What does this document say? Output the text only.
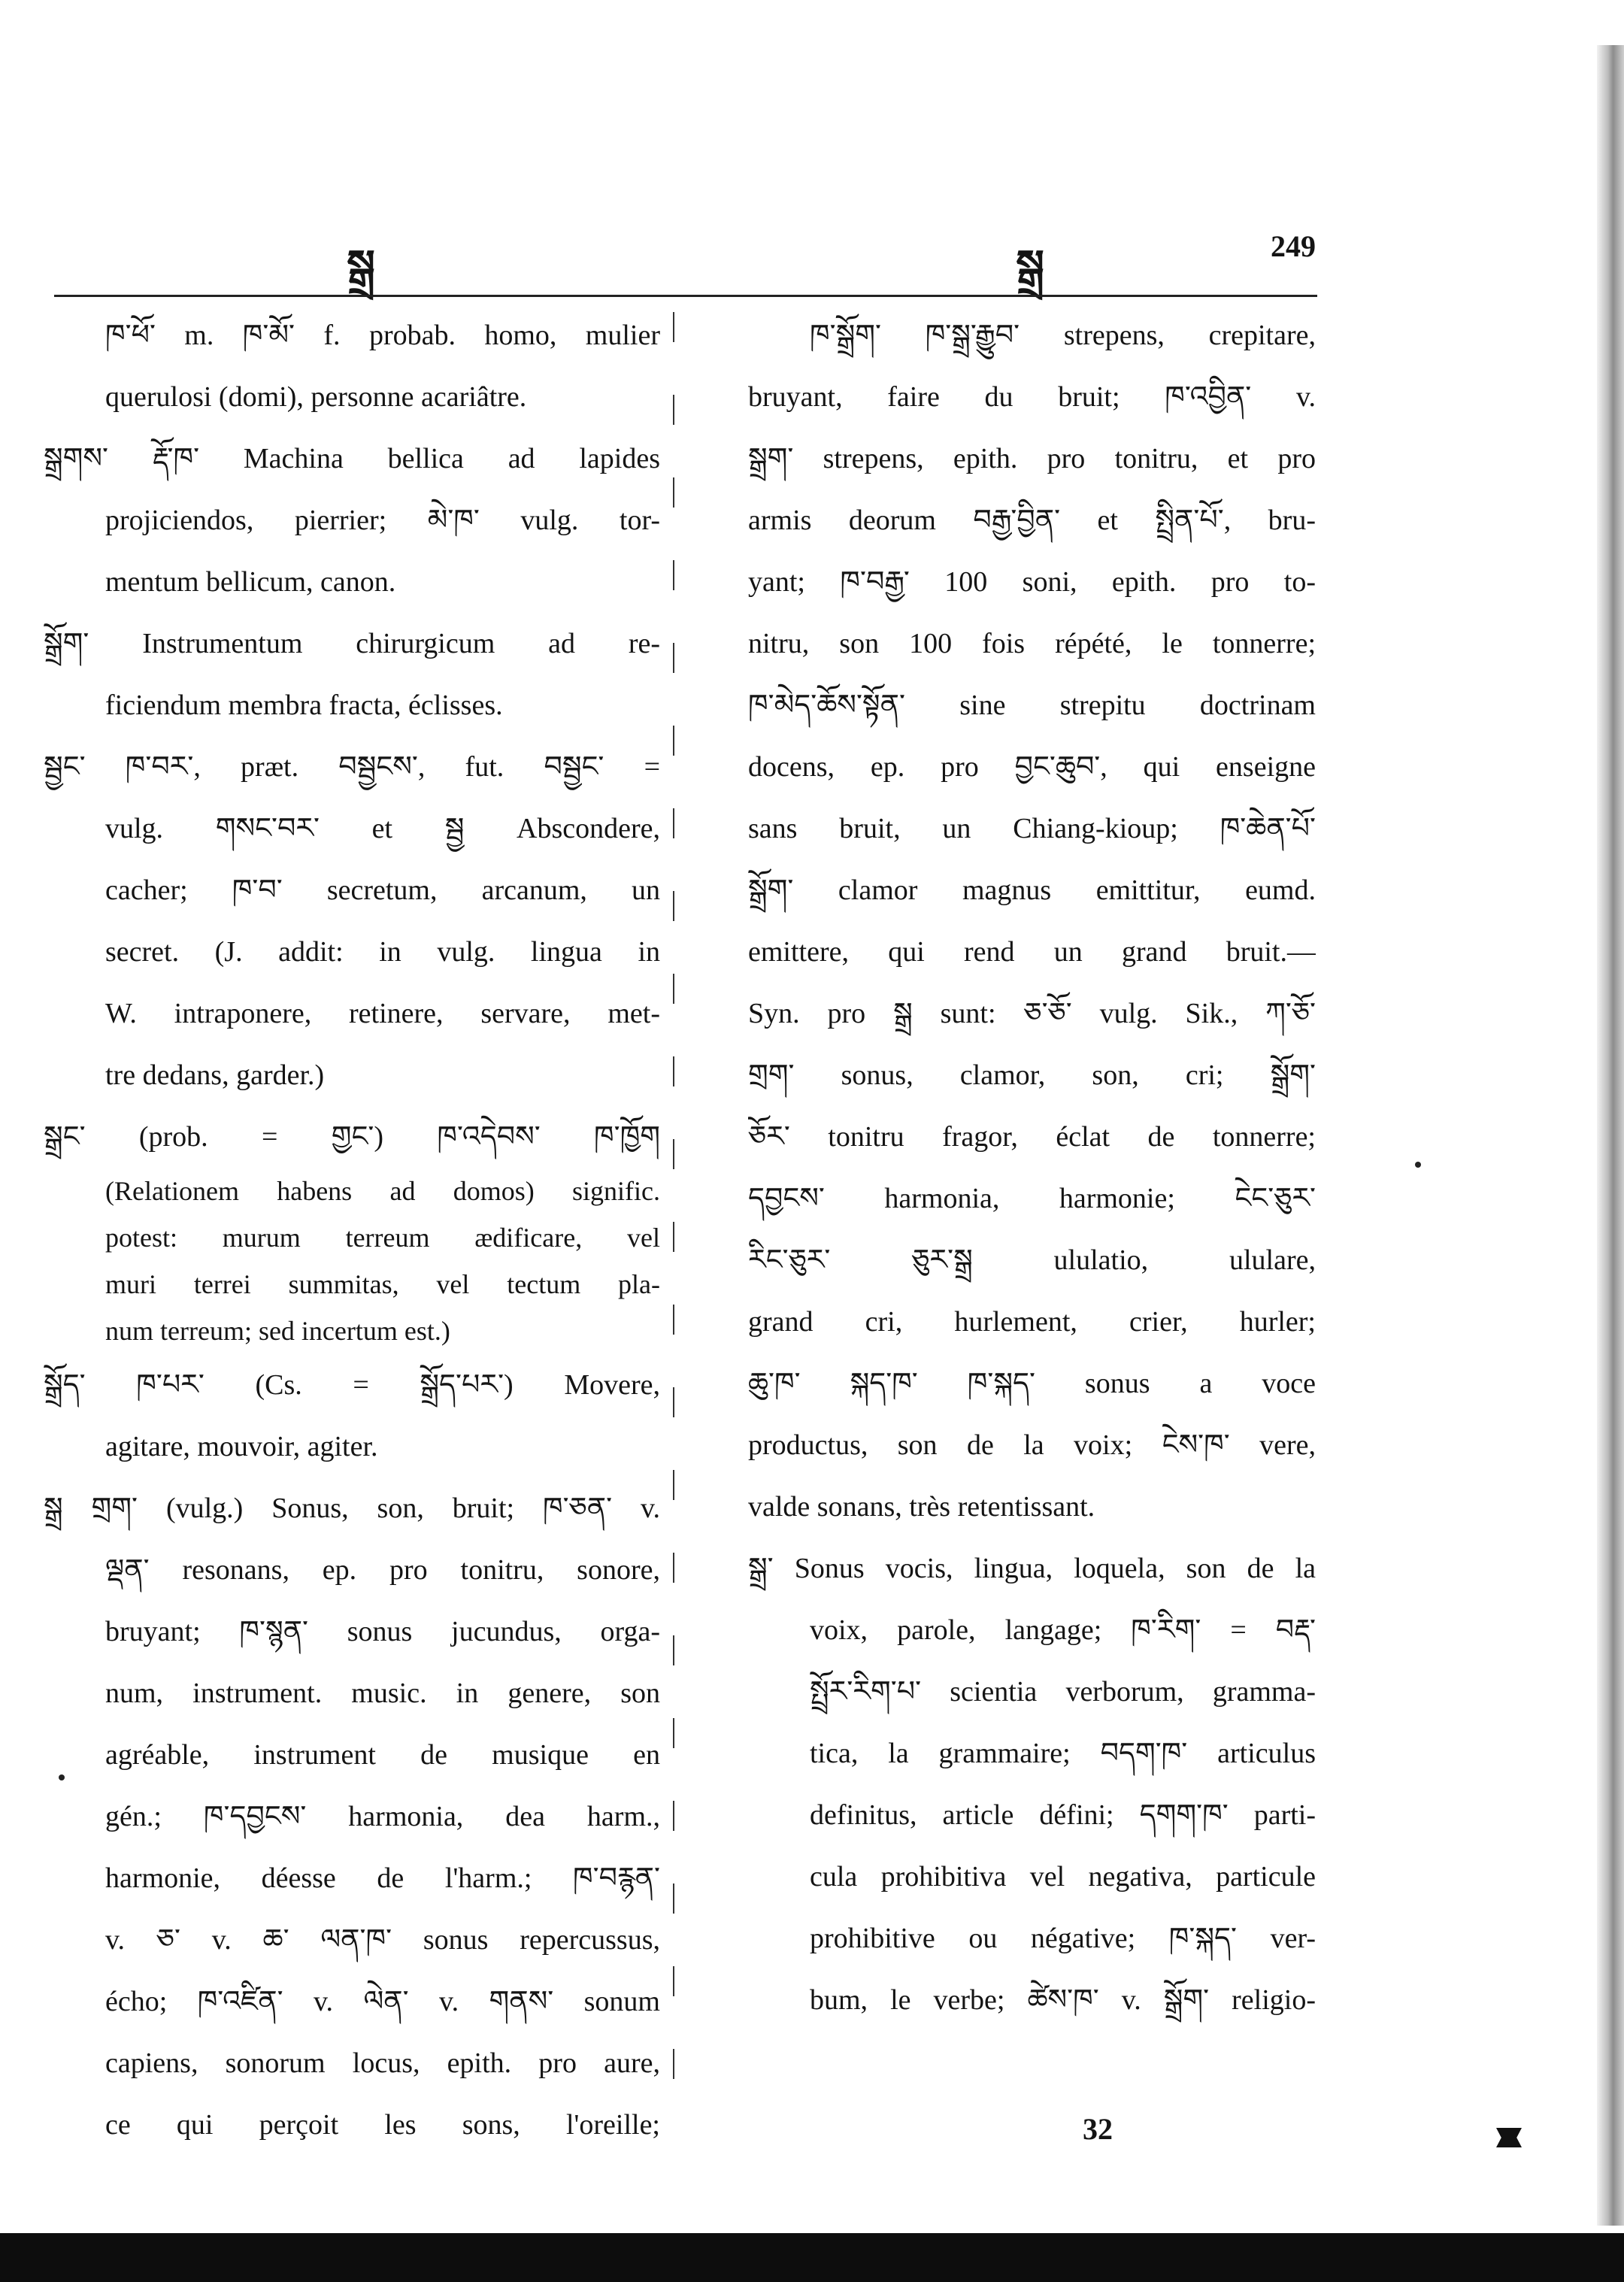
སྒྲ	སྒྲ	249
ཁ་ཕོ་ m. ཁ་མོ་ f. probab. homo, mulier
querulosi (domi), personne acariâtre.
སྒྲགས་ རྡོ་ཁ་ Machina bellica ad lapides
projiciendos, pierrier; མེ་ཁ་ vulg. tor-
mentum bellicum, canon.
སྒྲོག་ Instrumentum chirurgicum ad re-
ficiendum membra fracta, éclisses.
སྦྱང་ ཁ་བར་, præt. བསྦྱངས་, fut. བསྦྱང་ =
vulg. གསང་བར་ et སྦྱ Abscondere,
cacher; ཁ་བ་ secretum, arcanum, un
secret. (J. addit: in vulg. lingua in
W. intraponere, retinere, servare, met-
tre dedans, garder.)
སྒྲང་ (prob. = གྱང་) ཁ་འདེབས་ ཁ་ཁྱོག
(Relationem habens ad domos) signific.
potest: murum terreum ædificare, vel
muri terrei summitas, vel tectum pla-
num terreum; sed incertum est.)
སྒྲོད་ ཁ་པར་ (Cs. = སྒྲོད་པར་) Movere,
agitare, mouvoir, agiter.
སྒྲ གྲག་ (vulg.) Sonus, son, bruit; ཁ་ཅན་ v.
ལྡན་ resonans, ep. pro tonitru, sonore,
bruyant; ཁ་སྙན་ sonus jucundus, orga-
num, instrument. music. in genere, son
agréable, instrument de musique en
gén.; ཁ་དབྱངས་ harmonia, dea harm.,
harmonie, déesse de l'harm.; ཁ་བརྙན་
v. ཅ་ v. ཆ་ ལན་ཁ་ sonus repercussus,
écho; ཁ་འཛིན་ v. ལེན་ v. གནས་ sonum
capiens, sonorum locus, epith. pro aure,
ce qui perçoit les sons, l'oreille;
ཁ་སྒྲོག་ ཁ་སྒྲ་རྒྱུབ་ strepens, crepitare,
bruyant, faire du bruit; ཁ་འབྱིན་ v.
སྒྲག་ strepens, epith. pro tonitru, et pro
armis deorum བརྒྱ་བྱིན་ et སྤྲིན་པོ་, bru-
yant; ཁ་བརྒྱ་ 100 soni, epith. pro to-
nitru, son 100 fois répété, le tonnerre;
ཁ་མེད་ཆོས་སྟོན་ sine strepitu doctrinam
docens, ep. pro བྱང་ཆུབ་, qui enseigne
sans bruit, un Chiang-kioup; ཁ་ཆེན་པོ་
སྒྲོག་ clamor magnus emittitur, eumd.
emittere, qui rend un grand bruit.—
Syn. pro སྒྲ sunt: ཅ་ཅོ་ vulg. Sik., ཀ་ཅོ་
གྲག་ sonus, clamor, son, cri; སྒྲོག་
ཅོར་ tonitru fragor, éclat de tonnerre;
དབྱངས་ harmonia, harmonie; ངེང་ཅུར་
རིང་ཅུར་ ཅུར་སྒྲ ululatio, ululare,
grand cri, hurlement, crier, hurler;
ཆུ་ཁ་ སྐད་ཁ་ ཁ་སྐད་ sonus a voce
productus, son de la voix; ངེས་ཁ་ vere,
valde sonans, très retentissant.
སྒྲ་ Sonus vocis, lingua, loquela, son de la
voix, parole, langage; ཁ་རིག་ = བརྡ་
སྤྲོར་རིག་པ་ scientia verborum, gramma-
tica, la grammaire; བདག་ཁ་ articulus
definitus, article défini; དགག་ཁ་ parti-
cula prohibitiva vel negativa, particule
prohibitive ou négative; ཁ་སྐད་ ver-
bum, le verbe; ཚེས་ཁ་ v. སྒྲོག་ religio-
32
